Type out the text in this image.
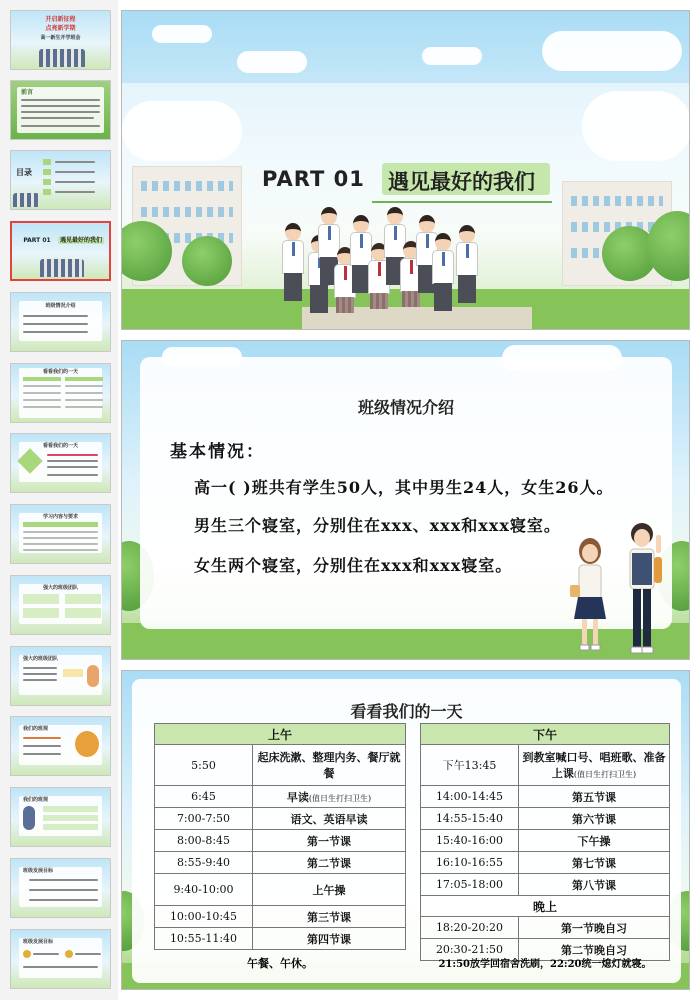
开启新征程
点亮新学期
高一新生开学班会
前言
目录
PART 01	遇见最好的我们
班级情况介绍
看看我们的一天
看看我们的一天
学习内容与要求
强大的班级团队
强大的班级团队
我们的班规
我们的班规
班级发展目标
班级发展目标
PART 01 遇见最好的我们
班级情况介绍
基本情况：
高一( )班共有学生50人，其中男生24人，女生26人。
男生三个寝室，分别住在xxx、xxx和xxx寝室。
女生两个寝室，分别住在xxx和xxx寝室。
看看我们的一天
上午	
5:50	起床洗漱、整理内务、餐厅就餐
6:45	早读(值日生打扫卫生)
7:00-7:50	语文、英语早读
8:00-8:45	第一节课
8:55-9:40	第二节课
9:40-10:00	上午操
10:00-10:45	第三节课
10:55-11:40	第四节课
午餐、午休。
下午	
下午13:45	到教室喊口号、唱班歌、准备上课(值日生打扫卫生)
14:00-14:45	第五节课
14:55-15:40	第六节课
15:40-16:00	下午操
16:10-16:55	第七节课
17:05-18:00	第八节课
晚上	
18:20-20:20	第一节晚自习
20:30-21:50	第二节晚自习
21:50放学回宿舍洗刷，22:20统一熄灯就寝。
